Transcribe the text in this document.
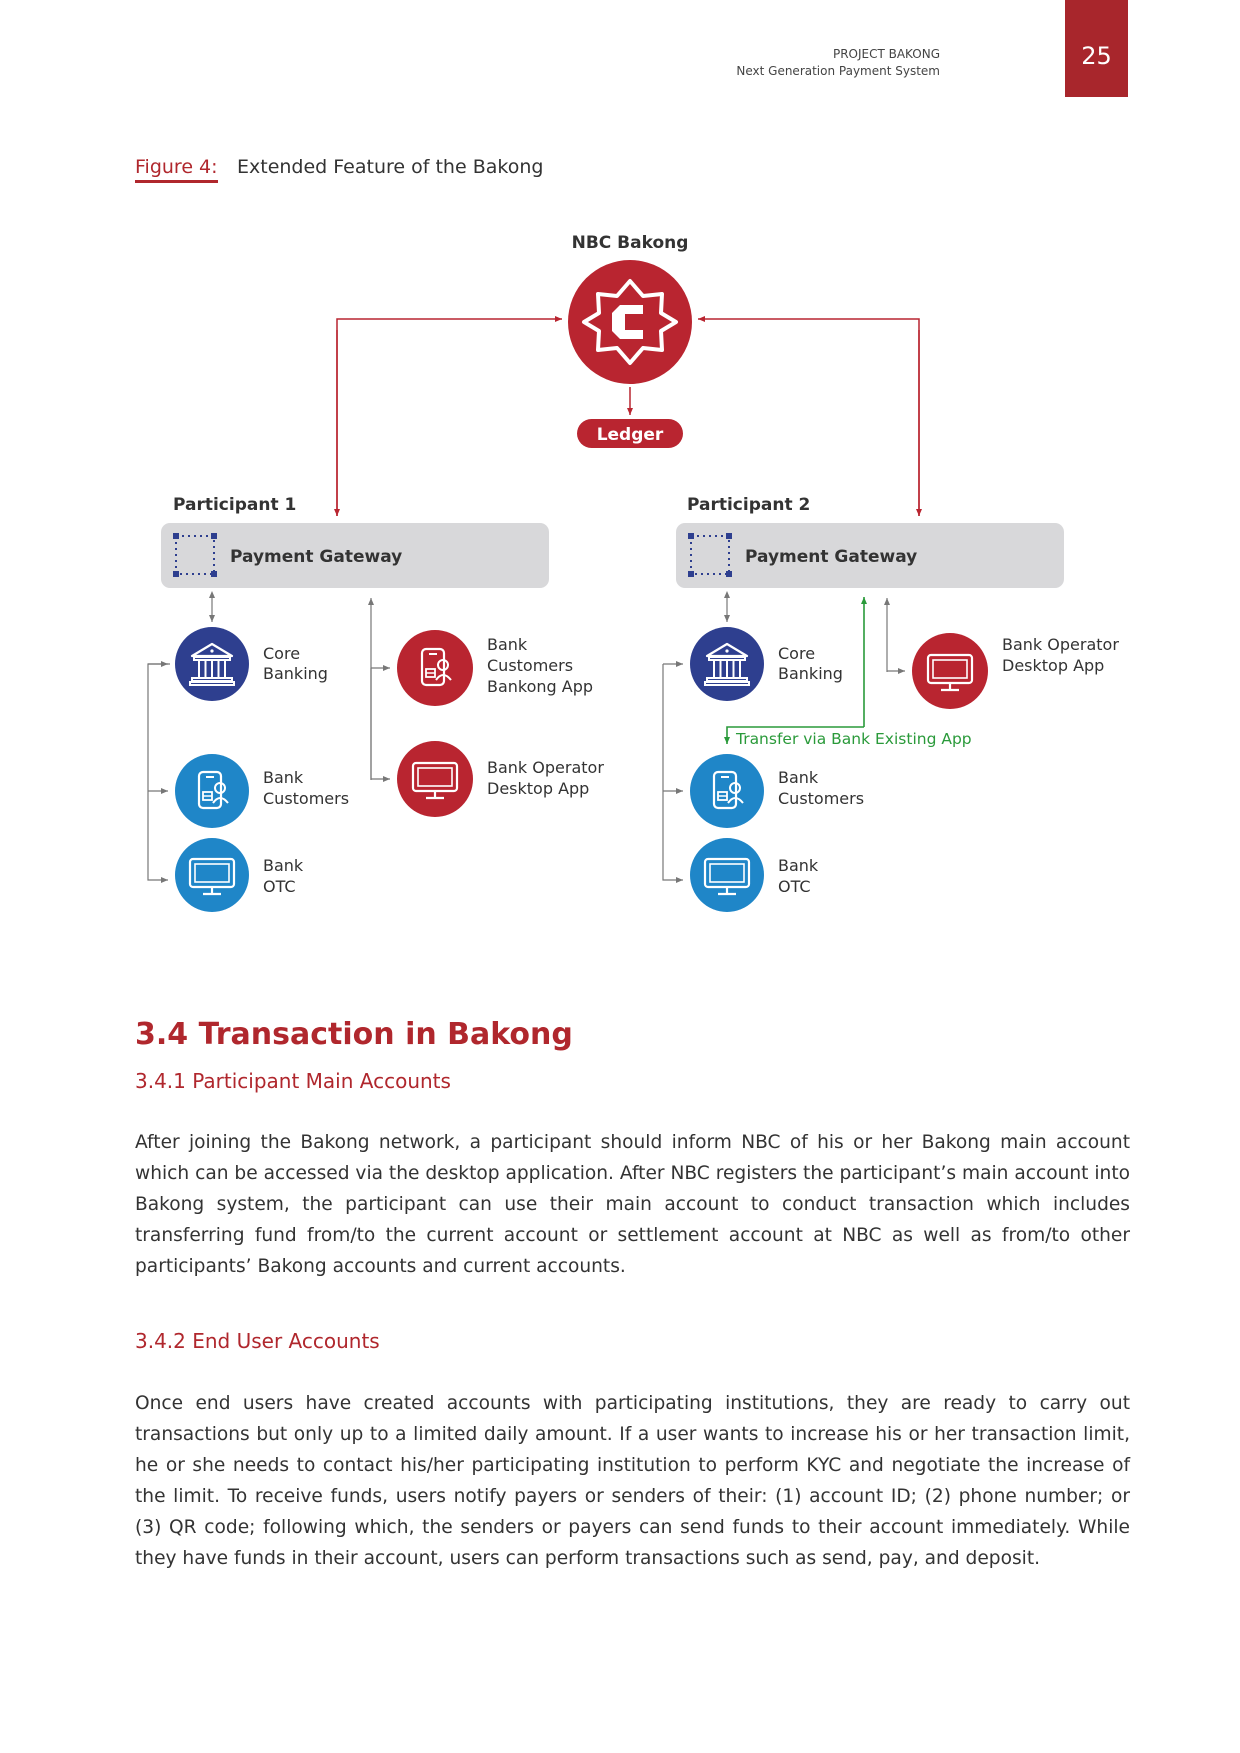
PROJECT BAKONG
Next Generation Payment System
25
Figure 4: Extended Feature of the Bakong
NBC Bakong
Ledger
Participant 1
Payment Gateway
Core
Banking
Bank
Customers
Bank
OTC
Bank
Customers
Bankong App
Bank Operator
Desktop App
Participant 2
Payment Gateway
Transfer via Bank Existing App
Core
Banking
Bank
Customers
Bank
OTC
Bank Operator
Desktop App
3.4 Transaction in Bakong
3.4.1 Participant Main Accounts

After joining the Bakong network, a participant should inform NBC of his or her Bakong main account which can be accessed via the desktop application. After NBC registers the participant’s main account into Bakong system, the participant can use their main account to conduct transaction which includes transferring fund from/to the current account or settlement account at NBC as well as from/to other participants’ Bakong accounts and current accounts.

3.4.2 End User Accounts

Once end users have created accounts with participating institutions, they are ready to carry out transactions but only up to a limited daily amount. If a user wants to increase his or her transaction limit, he or she needs to contact his/her participating institution to perform KYC and negotiate the increase of the limit. To receive funds, users notify payers or senders of their: (1) account ID; (2) phone number; or (3) QR code; following which, the senders or payers can send funds to their account immediately. While they have funds in their account, users can perform transactions such as send, pay, and deposit.
